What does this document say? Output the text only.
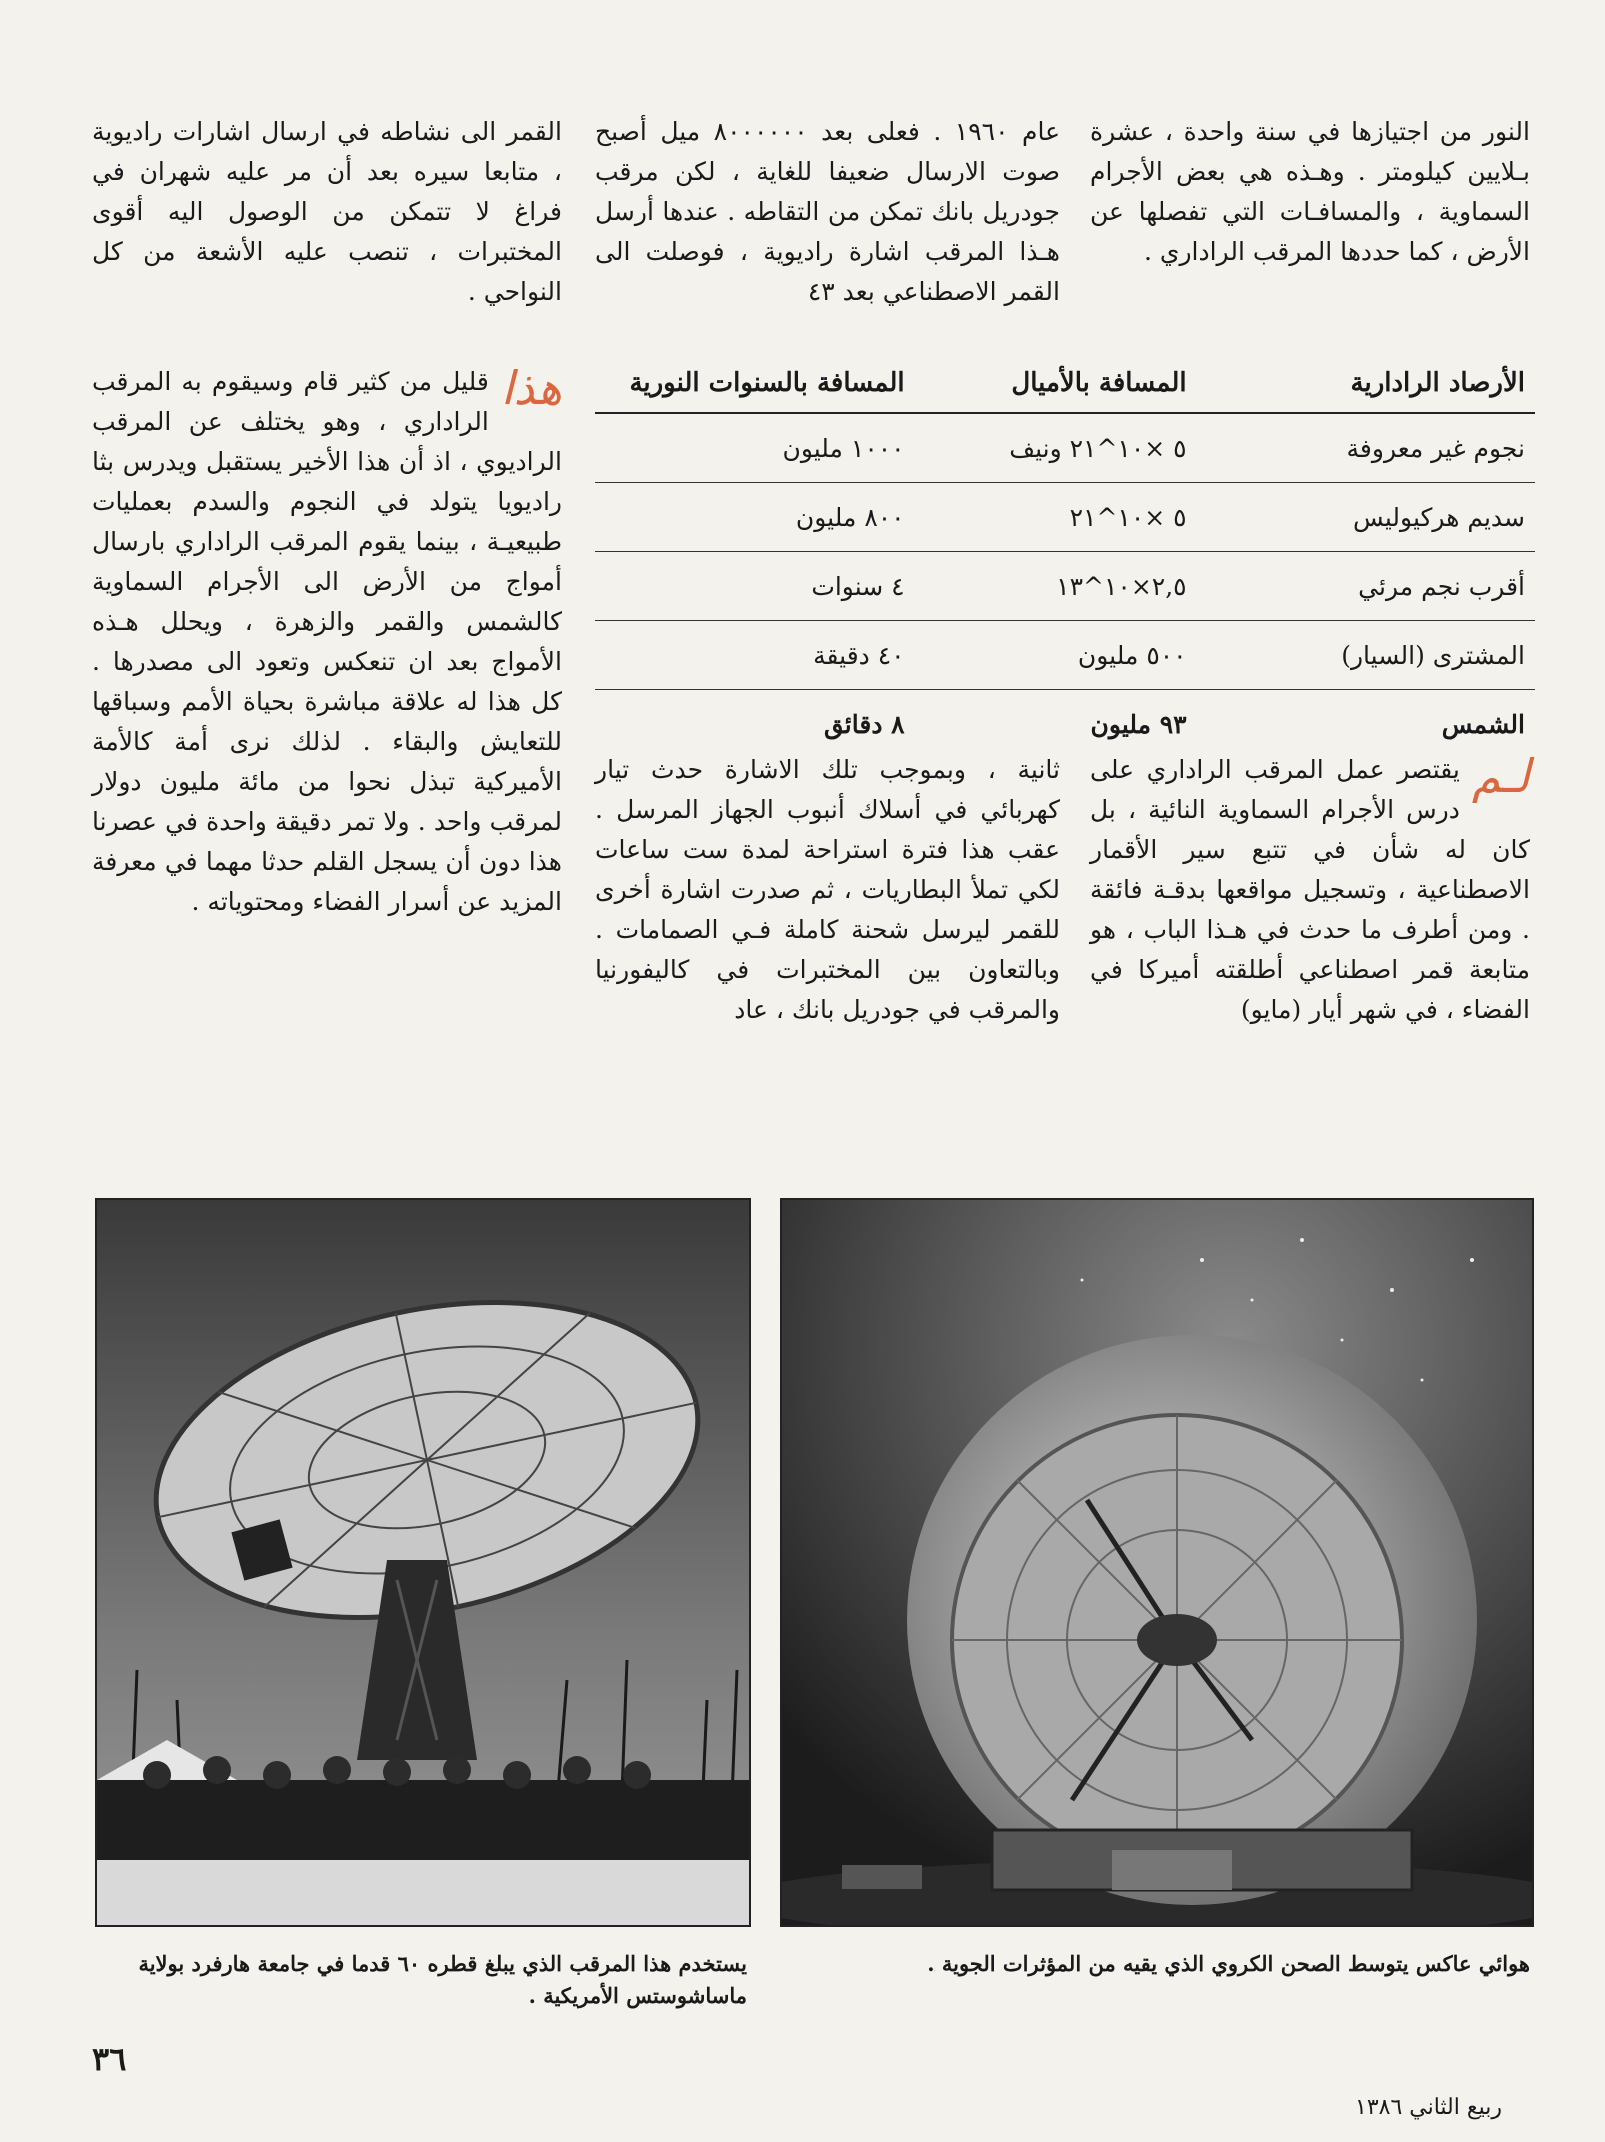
النور من اجتيازها في سنة واحدة ، عشرة بـلايين كيلومتر . وهـذه هي بعض الأجرام السماوية ، والمسافـات التي تفصلها عن الأرض ، كما حددها المرقب الراداري .

عام ١٩٦٠ . فعلى بعد ٨٠٠٠٠٠٠ ميل أصبح صوت الارسال ضعيفا للغاية ، لكن مرقب جودريل بانك تمكن من التقاطه . عندها أرسل هـذا المرقب اشارة راديوية ، فوصلت الى القمر الاصطناعي بعد ٤٣

القمر الى نشاطه في ارسال اشارات راديوية ، متابعا سيره بعد أن مر عليه شهران في فراغ لا تتمكن من الوصول اليه أقوى المختبرات ، تنصب عليه الأشعة من كل النواحي .

هذا

قليل من كثير قام وسيقوم به المرقب الراداري ، وهو يختلف عن المرقب الراديوي ، اذ أن هذا الأخير يستقبل ويدرس بثا راديويا يتولد في النجوم والسدم بعمليات طبيعيـة ، بينما يقوم المرقب الراداري بارسال أمواج من الأرض الى الأجرام السماوية كالشمس والقمر والزهرة ، ويحلل هـذه الأمواج بعد ان تنعكس وتعود الى مصدرها . كل هذا له علاقة مباشرة بحياة الأمم وسباقها للتعايش والبقاء . لذلك نرى أمة كالأمة الأميركية تبذل نحوا من مائة مليون دولار لمرقب واحد . ولا تمر دقيقة واحدة في عصرنا هذا دون أن يسجل القلم حدثا مهما في معرفة المزيد عن أسرار الفضاء ومحتوياته .

الأرصاد الرادارية	المسافة بالأميال	المسافة بالسنوات النورية
نجوم غير معروفة	٥ ×١٠^٢١ ونيف	١٠٠٠ مليون
سديم هركيوليس	٥ ×١٠^٢١	٨٠٠ مليون
أقرب نجم مرئي	٢,٥×١٠^١٣	٤ سنوات
المشترى (السيار)	٥٠٠ مليون	٤٠ دقيقة
الشمس	٩٣ مليون	٨ دقائق
لـم

يقتصر عمل المرقب الراداري على درس الأجرام السماوية النائية ، بل كان له شأن في تتبع سير الأقمار الاصطناعية ، وتسجيل مواقعها بدقـة فائقة . ومن أطرف ما حدث في هـذا الباب ، هو متابعة قمر اصطناعي أطلقته أميركا في الفضاء ، في شهر أيار (مايو)

ثانية ، وبموجب تلك الاشارة حدث تيار كهربائي في أسلاك أنبوب الجهاز المرسل . عقب هذا فترة استراحة لمدة ست ساعات لكي تملأ البطاريات ، ثم صدرت اشارة أخرى للقمر ليرسل شحنة كاملة فـي الصمامات . وبالتعاون بين المختبرات في كاليفورنيا والمرقب في جودريل بانك ، عاد

هوائي عاكس يتوسط الصحن الكروي الذي يقيه من المؤثرات الجوية .
يستخدم هذا المرقب الذي يبلغ قطره ٦٠ قدما في جامعة هارفرد بولاية ماساشوستس الأمريكية .
٣٦
ربيع الثاني ١٣٨٦
